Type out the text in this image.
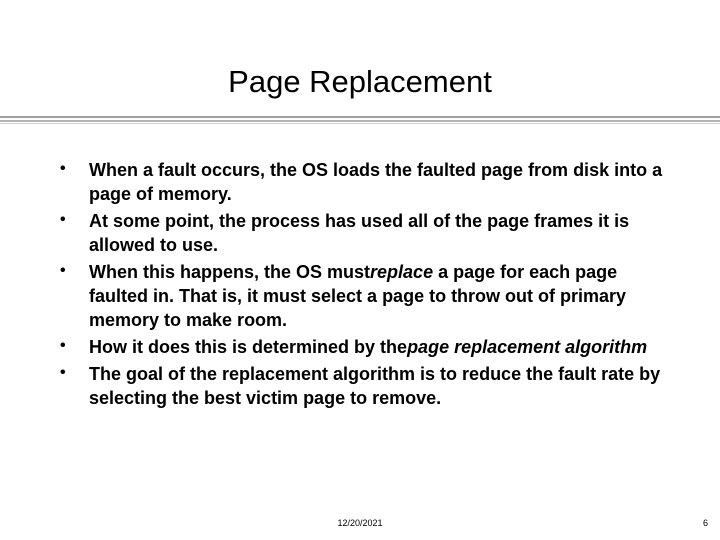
Page Replacement
• When a fault occurs, the OS loads the faulted page from disk into a page of memory.
• At some point, the process has used all of the page frames it is allowed to use.
• When this happens, the OS mustreplace a page for each page faulted in. That is, it must select a page to throw out of primary memory to make room.
• How it does this is determined by thepage replacement algorithm
• The goal of the replacement algorithm is to reduce the fault rate by selecting the best victim page to remove.
12/20/2021	6
